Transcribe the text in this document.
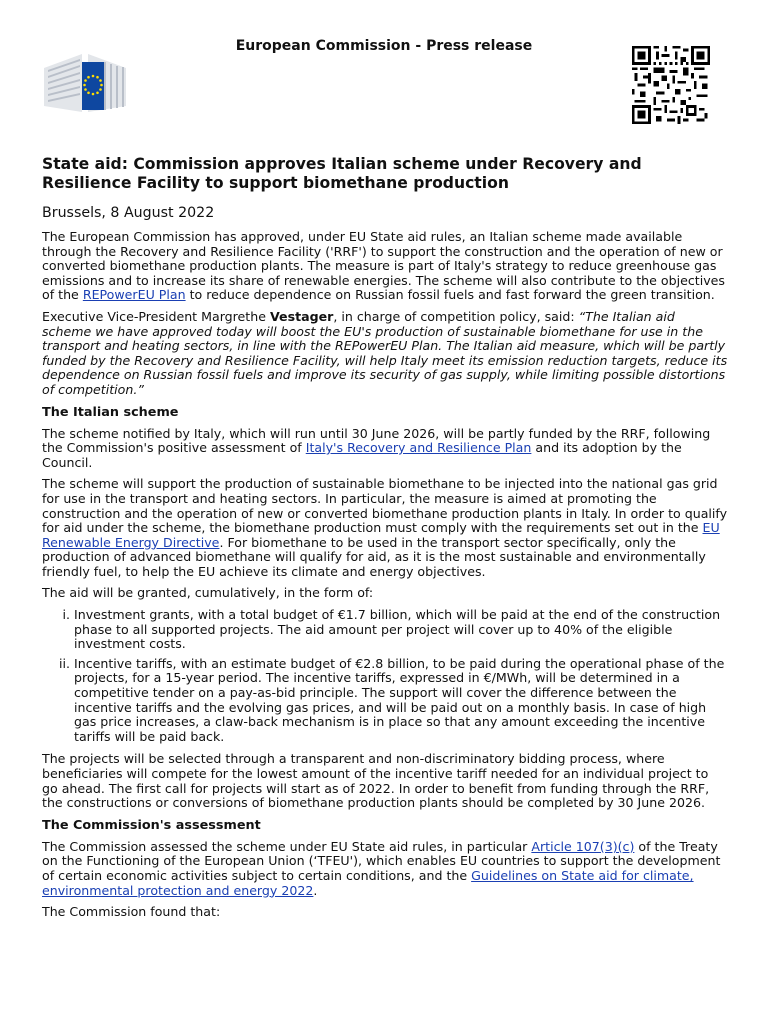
European Commission - Press release
State aid: Commission approves Italian scheme under Recovery and Resilience Facility to support biomethane production
Brussels, 8 August 2022

The European Commission has approved, under EU State aid rules, an Italian scheme made available through the Recovery and Resilience Facility ('RRF') to support the construction and the operation of new or converted biomethane production plants. The measure is part of Italy's strategy to reduce greenhouse gas emissions and to increase its share of renewable energies. The scheme will also contribute to the objectives of the REPowerEU Plan to reduce dependence on Russian fossil fuels and fast forward the green transition.

Executive Vice-President Margrethe Vestager, in charge of competition policy, said: “The Italian aid scheme we have approved today will boost the EU's production of sustainable biomethane for use in the transport and heating sectors, in line with the REPowerEU Plan. The Italian aid measure, which will be partly funded by the Recovery and Resilience Facility, will help Italy meet its emission reduction targets, reduce its dependence on Russian fossil fuels and improve its security of gas supply, while limiting possible distortions of competition.”

The Italian scheme

The scheme notified by Italy, which will run until 30 June 2026, will be partly funded by the RRF, following the Commission's positive assessment of Italy's Recovery and Resilience Plan and its adoption by the Council.

The scheme will support the production of sustainable biomethane to be injected into the national gas grid for use in the transport and heating sectors. In particular, the measure is aimed at promoting the construction and the operation of new or converted biomethane production plants in Italy. In order to qualify for aid under the scheme, the biomethane production must comply with the requirements set out in the EU Renewable Energy Directive. For biomethane to be used in the transport sector specifically, only the production of advanced biomethane will qualify for aid, as it is the most sustainable and environmentally friendly fuel, to help the EU achieve its climate and energy objectives.

The aid will be granted, cumulatively, in the form of:

i. Investment grants, with a total budget of €1.7 billion, which will be paid at the end of the construction phase to all supported projects. The aid amount per project will cover up to 40% of the eligible investment costs.
ii. Incentive tariffs, with an estimate budget of €2.8 billion, to be paid during the operational phase of the projects, for a 15-year period. The incentive tariffs, expressed in €/MWh, will be determined in a competitive tender on a pay-as-bid principle. The support will cover the difference between the incentive tariffs and the evolving gas prices, and will be paid out on a monthly basis. In case of high gas price increases, a claw-back mechanism is in place so that any amount exceeding the incentive tariffs will be paid back.

The projects will be selected through a transparent and non-discriminatory bidding process, where beneficiaries will compete for the lowest amount of the incentive tariff needed for an individual project to go ahead. The first call for projects will start as of 2022. In order to benefit from funding through the RRF, the constructions or conversions of biomethane production plants should be completed by 30 June 2026.

The Commission's assessment

The Commission assessed the scheme under EU State aid rules, in particular Article 107(3)(c) of the Treaty on the Functioning of the European Union (‘TFEU'), which enables EU countries to support the development of certain economic activities subject to certain conditions, and the Guidelines on State aid for climate, environmental protection and energy 2022.

The Commission found that:
